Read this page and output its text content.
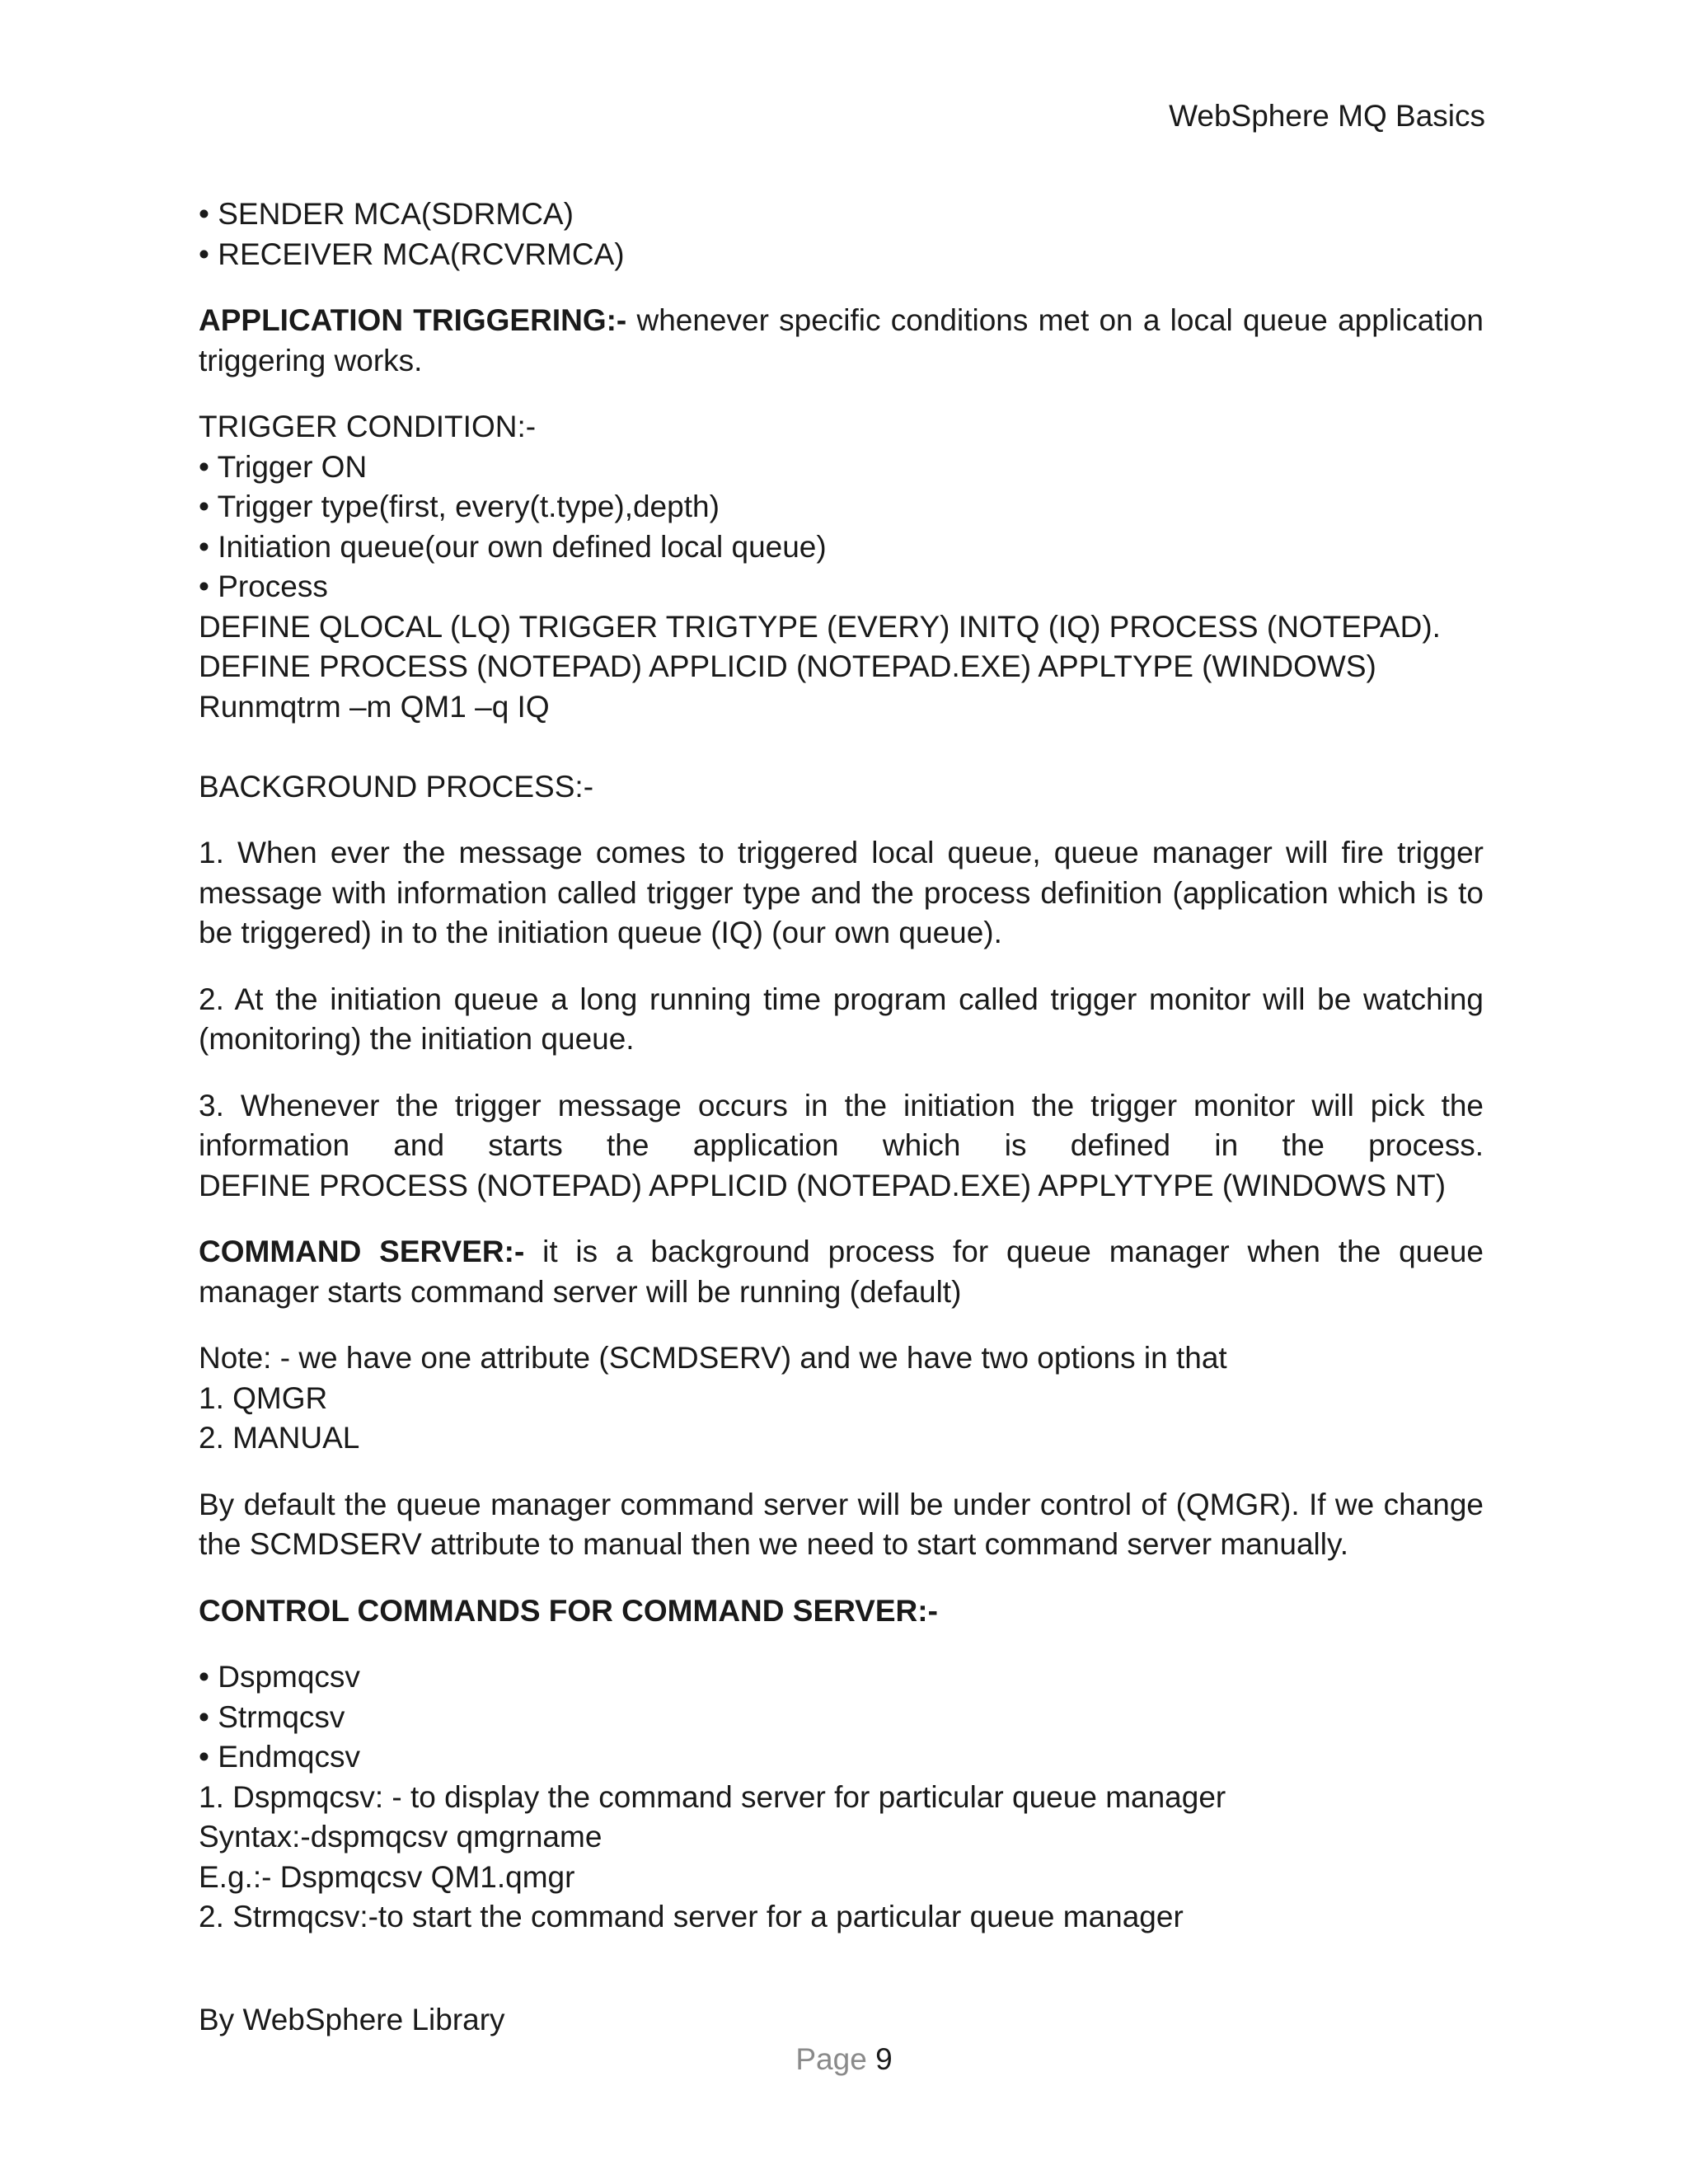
WebSphere MQ Basics
• SENDER MCA(SDRMCA)
• RECEIVER MCA(RCVRMCA)
APPLICATION TRIGGERING:- whenever specific conditions met on a local queue application triggering works.
TRIGGER CONDITION:-
• Trigger ON
• Trigger type(first, every(t.type),depth)
• Initiation queue(our own defined local queue)
• Process
DEFINE QLOCAL (LQ) TRIGGER TRIGTYPE (EVERY) INITQ (IQ) PROCESS (NOTEPAD).
DEFINE PROCESS (NOTEPAD) APPLICID (NOTEPAD.EXE) APPLTYPE (WINDOWS)
Runmqtrm –m QM1 –q IQ
BACKGROUND PROCESS:-
1. When ever the message comes to triggered local queue, queue manager will fire trigger message with information called trigger type and the process definition (application which is to be triggered) in to the initiation queue (IQ) (our own queue).
2. At the initiation queue a long running time program called trigger monitor will be watching (monitoring) the initiation queue.
3. Whenever the trigger message occurs in the initiation the trigger monitor will pick the
information and starts the application which is defined in the process.
DEFINE PROCESS (NOTEPAD) APPLICID (NOTEPAD.EXE) APPLYTYPE (WINDOWS NT)
COMMAND SERVER:- it is a background process for queue manager when the queue manager starts command server will be running (default)
Note: - we have one attribute (SCMDSERV) and we have two options in that
1. QMGR
2. MANUAL
By default the queue manager command server will be under control of (QMGR). If we change the SCMDSERV attribute to manual then we need to start command server manually.
CONTROL COMMANDS FOR COMMAND SERVER:-
• Dspmqcsv
• Strmqcsv
• Endmqcsv
1. Dspmqcsv: - to display the command server for particular queue manager
Syntax:-dspmqcsv qmgrname
E.g.:- Dspmqcsv QM1.qmgr
2. Strmqcsv:-to start the command server for a particular queue manager
By WebSphere Library
Page 9
